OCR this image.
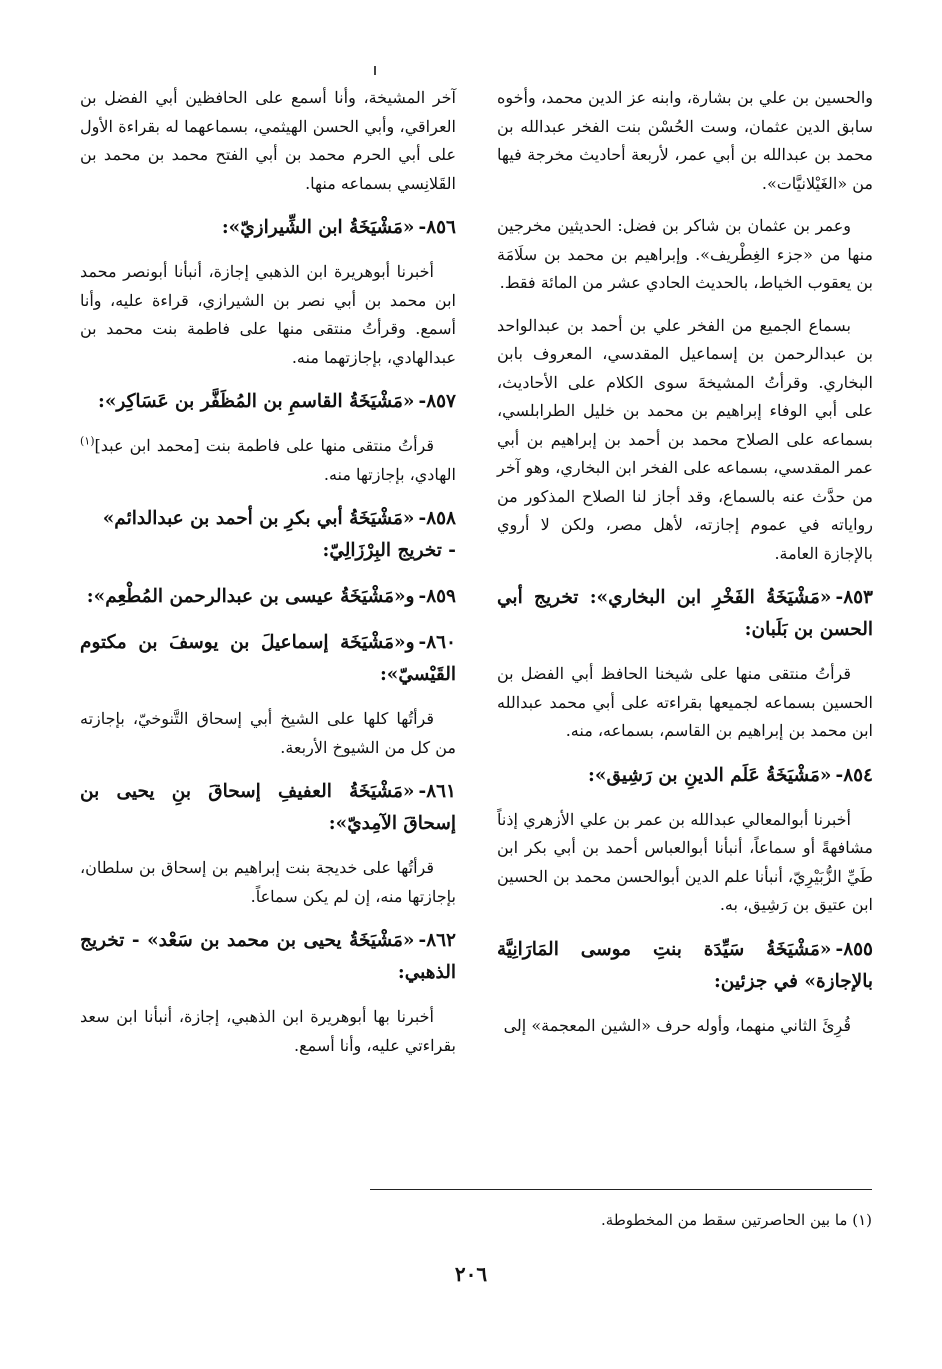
والحسين بن علي بن بشارة، وابنه عز الدين محمد، وأخوه سابق الدين عثمان، وست الحُسْن بنت الفخر عبدالله بن محمد بن عبدالله بن أبي عمر، لأربعة أحاديث مخرجة فيها من «الغَيْلانيَّات».

وعمر بن عثمان بن شاكر بن فضل: الحديثين مخرجين منها من «جزء الغِطْريف». وإبراهيم بن محمد بن سلَامَة بن يعقوب الخياط، بالحديث الحادي عشر من المائة فقط.

بسماع الجميع من الفخر علي بن أحمد بن عبدالواحد بن عبدالرحمن بن إسماعيل المقدسي، المعروف بابن البخاري. وقرأتُ المشيخةَ سوى الكلام على الأحاديث، على أبي الوفاء إبراهيم بن محمد بن خليل الطرابلسي، بسماعه على الصلاح محمد بن أحمد بن إبراهيم بن أبي عمر المقدسي، بسماعه على الفخر ابن البخاري، وهو آخر من حدَّث عنه بالسماع، وقد أجاز لنا الصلاح المذكور من رواياته في عموم إجازته، لأهل مصر، ولكن لا أروي بالإجازة العامة.

٨٥٣-«مَشْيَخَةُ الفَخْرِ ابن البخاري»: تخريج أبي الحسن بن بَلَبان:

قرأتُ منتقى منها على شيخنا الحافظ أبي الفضل بن الحسين بسماعه لجميعها بقراءته على أبي محمد عبدالله ابن محمد بن إبراهيم بن القاسم، بسماعه، منه.

٨٥٤-«مَشْيَخَةُ عَلَم الدينِ بن رَشِيق»:

أخبرنا أبوالمعالي عبدالله بن عمر بن علي الأزهري إذناً مشافهةً أو سماعاً، أنبأنا أبوالعباس أحمد بن أبي بكر ابن طَيِّ الزُّبَيْرِيّ، أنبأنا علم الدين أبوالحسن محمد بن الحسين ابن عتيق بن رَشِيق، به.

٨٥٥-«مَشْيَخَةُ سَيِّدَة بنتِ موسى المَارَانِيَّة بالإجازة» في جزئين:

قُرِئَ الثاني منهما، وأوله حرف «الشين المعجمة» إلى

آخر المشيخة، وأنا أسمع على الحافظين أبي الفضل بن العراقي، وأبي الحسن الهيثمي، بسماعهما له بقراءة الأول على أبي الحرم محمد بن أبي الفتح محمد بن محمد بن القَلانِسي بسماعه منها.

٨٥٦-«مَشْيَخَةُ ابن الشِّيرازيّ»:

أخبرنا أبوهريرة ابن الذهبي إجازة، أنبأنا أبونصر محمد ابن محمد بن أبي نصر بن الشيرازي، قراءة عليه، وأنا أسمع. وقرأتُ منتقى منها على فاطمة بنت محمد بن عبدالهادي، بإجازتهما منه.

٨٥٧-«مَشْيَخَةُ القاسمِ بن المُظَفَّر بن عَسَاكِر»:

قرأتُ منتقى منها على فاطمة بنت [محمد ابن عبد]$^{(١)}$ الهادي، بإجازتها منه.

٨٥٨-«مَشْيَخَةُ أبي بكرِ بن أحمد بن عبدالدائم»
- تخريج البِرْزَالِيّ:
٨٥٩-و«مَشْيَخَةُ عيسى بن عبدالرحمن المُطْعِم»:
٨٦٠-و«مَشْيَخَة إسماعيلَ بن يوسفَ بن مكتوم القَيْسيّ»:

قرأتُها كلها على الشيخ أبي إسحاق التَّنوخيّ، بإجازته من كل من الشيوخ الأربعة.

٨٦١-«مَشْيَخَةُ العفيفِ إسحاقَ بنِ يحيى بن إسحاقَ الآمِديّ»:

قرأتُها على خديجة بنت إبراهيم بن إسحاق بن سلطان، بإجازتها منه، إن لم يكن سماعاً.

٨٦٢-«مَشْيَخَةُ يحيى بن محمد بن سَعْد» - تخريج الذهبي:

أخبرنا بها أبوهريرة ابن الذهبي، إجازة، أنبأنا ابن سعد بقراءتي عليه، وأنا أسمع.

(١) ما بين الحاصرتين سقط من المخطوطة.
٢٠٦
